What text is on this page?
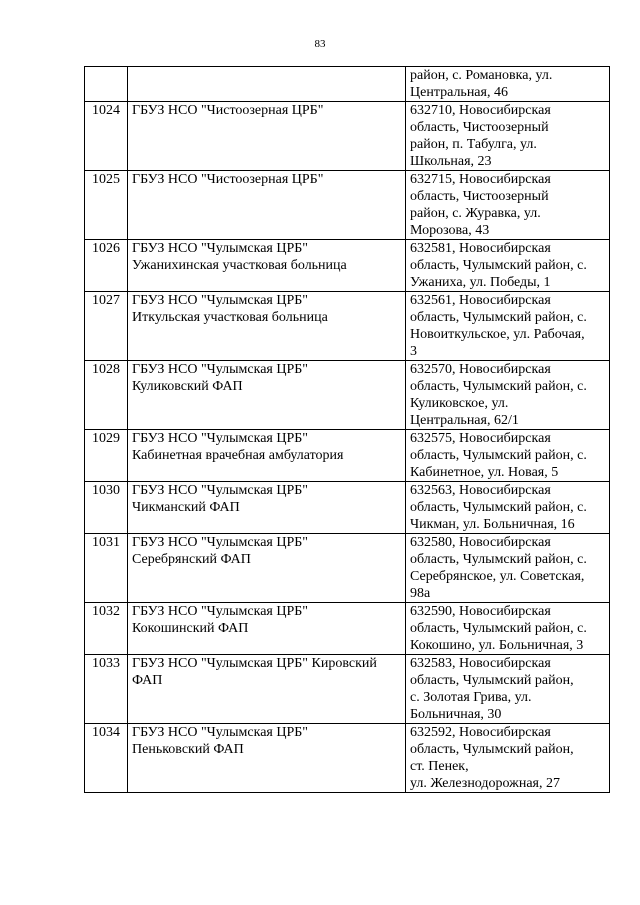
83

		район, с. Романовка, ул.
Центральная, 46

1024	ГБУЗ НСО "Чистоозерная ЦРБ"	632710, Новосибирская
область, Чистоозерный
район, п. Табулга, ул.
Школьная, 23

1025	ГБУЗ НСО "Чистоозерная ЦРБ"	632715, Новосибирская
область, Чистоозерный
район, с. Журавка, ул.
Морозова, 43

1026	ГБУЗ НСО "Чулымская ЦРБ"
Ужанихинская участковая больница	632581, Новосибирская
область, Чулымский район, с.
Ужаниха, ул. Победы, 1

1027	ГБУЗ НСО "Чулымская ЦРБ"
Иткульская участковая больница	632561, Новосибирская
область, Чулымский район, с.
Новоиткульское, ул. Рабочая,
3

1028	ГБУЗ НСО "Чулымская ЦРБ"
Куликовский ФАП	632570, Новосибирская
область, Чулымский район, с.
Куликовское, ул.
Центральная, 62/1

1029	ГБУЗ НСО "Чулымская ЦРБ"
Кабинетная врачебная амбулатория	632575, Новосибирская
область, Чулымский район, с.
Кабинетное, ул. Новая, 5

1030	ГБУЗ НСО "Чулымская ЦРБ"
Чикманский ФАП	632563, Новосибирская
область, Чулымский район, с.
Чикман, ул. Больничная, 16

1031	ГБУЗ НСО "Чулымская ЦРБ"
Серебрянский ФАП	632580, Новосибирская
область, Чулымский район, с.
Серебрянское, ул. Советская,
98а

1032	ГБУЗ НСО "Чулымская ЦРБ"
Кокошинский ФАП	632590, Новосибирская
область, Чулымский район, с.
Кокошино, ул. Больничная, 3

1033	ГБУЗ НСО "Чулымская ЦРБ" Кировский
ФАП	632583, Новосибирская
область, Чулымский район,
с. Золотая Грива, ул.
Больничная, 30

1034	ГБУЗ НСО "Чулымская ЦРБ"
Пеньковский ФАП	632592, Новосибирская
область, Чулымский район,
ст. Пенек,
ул. Железнодорожная, 27
